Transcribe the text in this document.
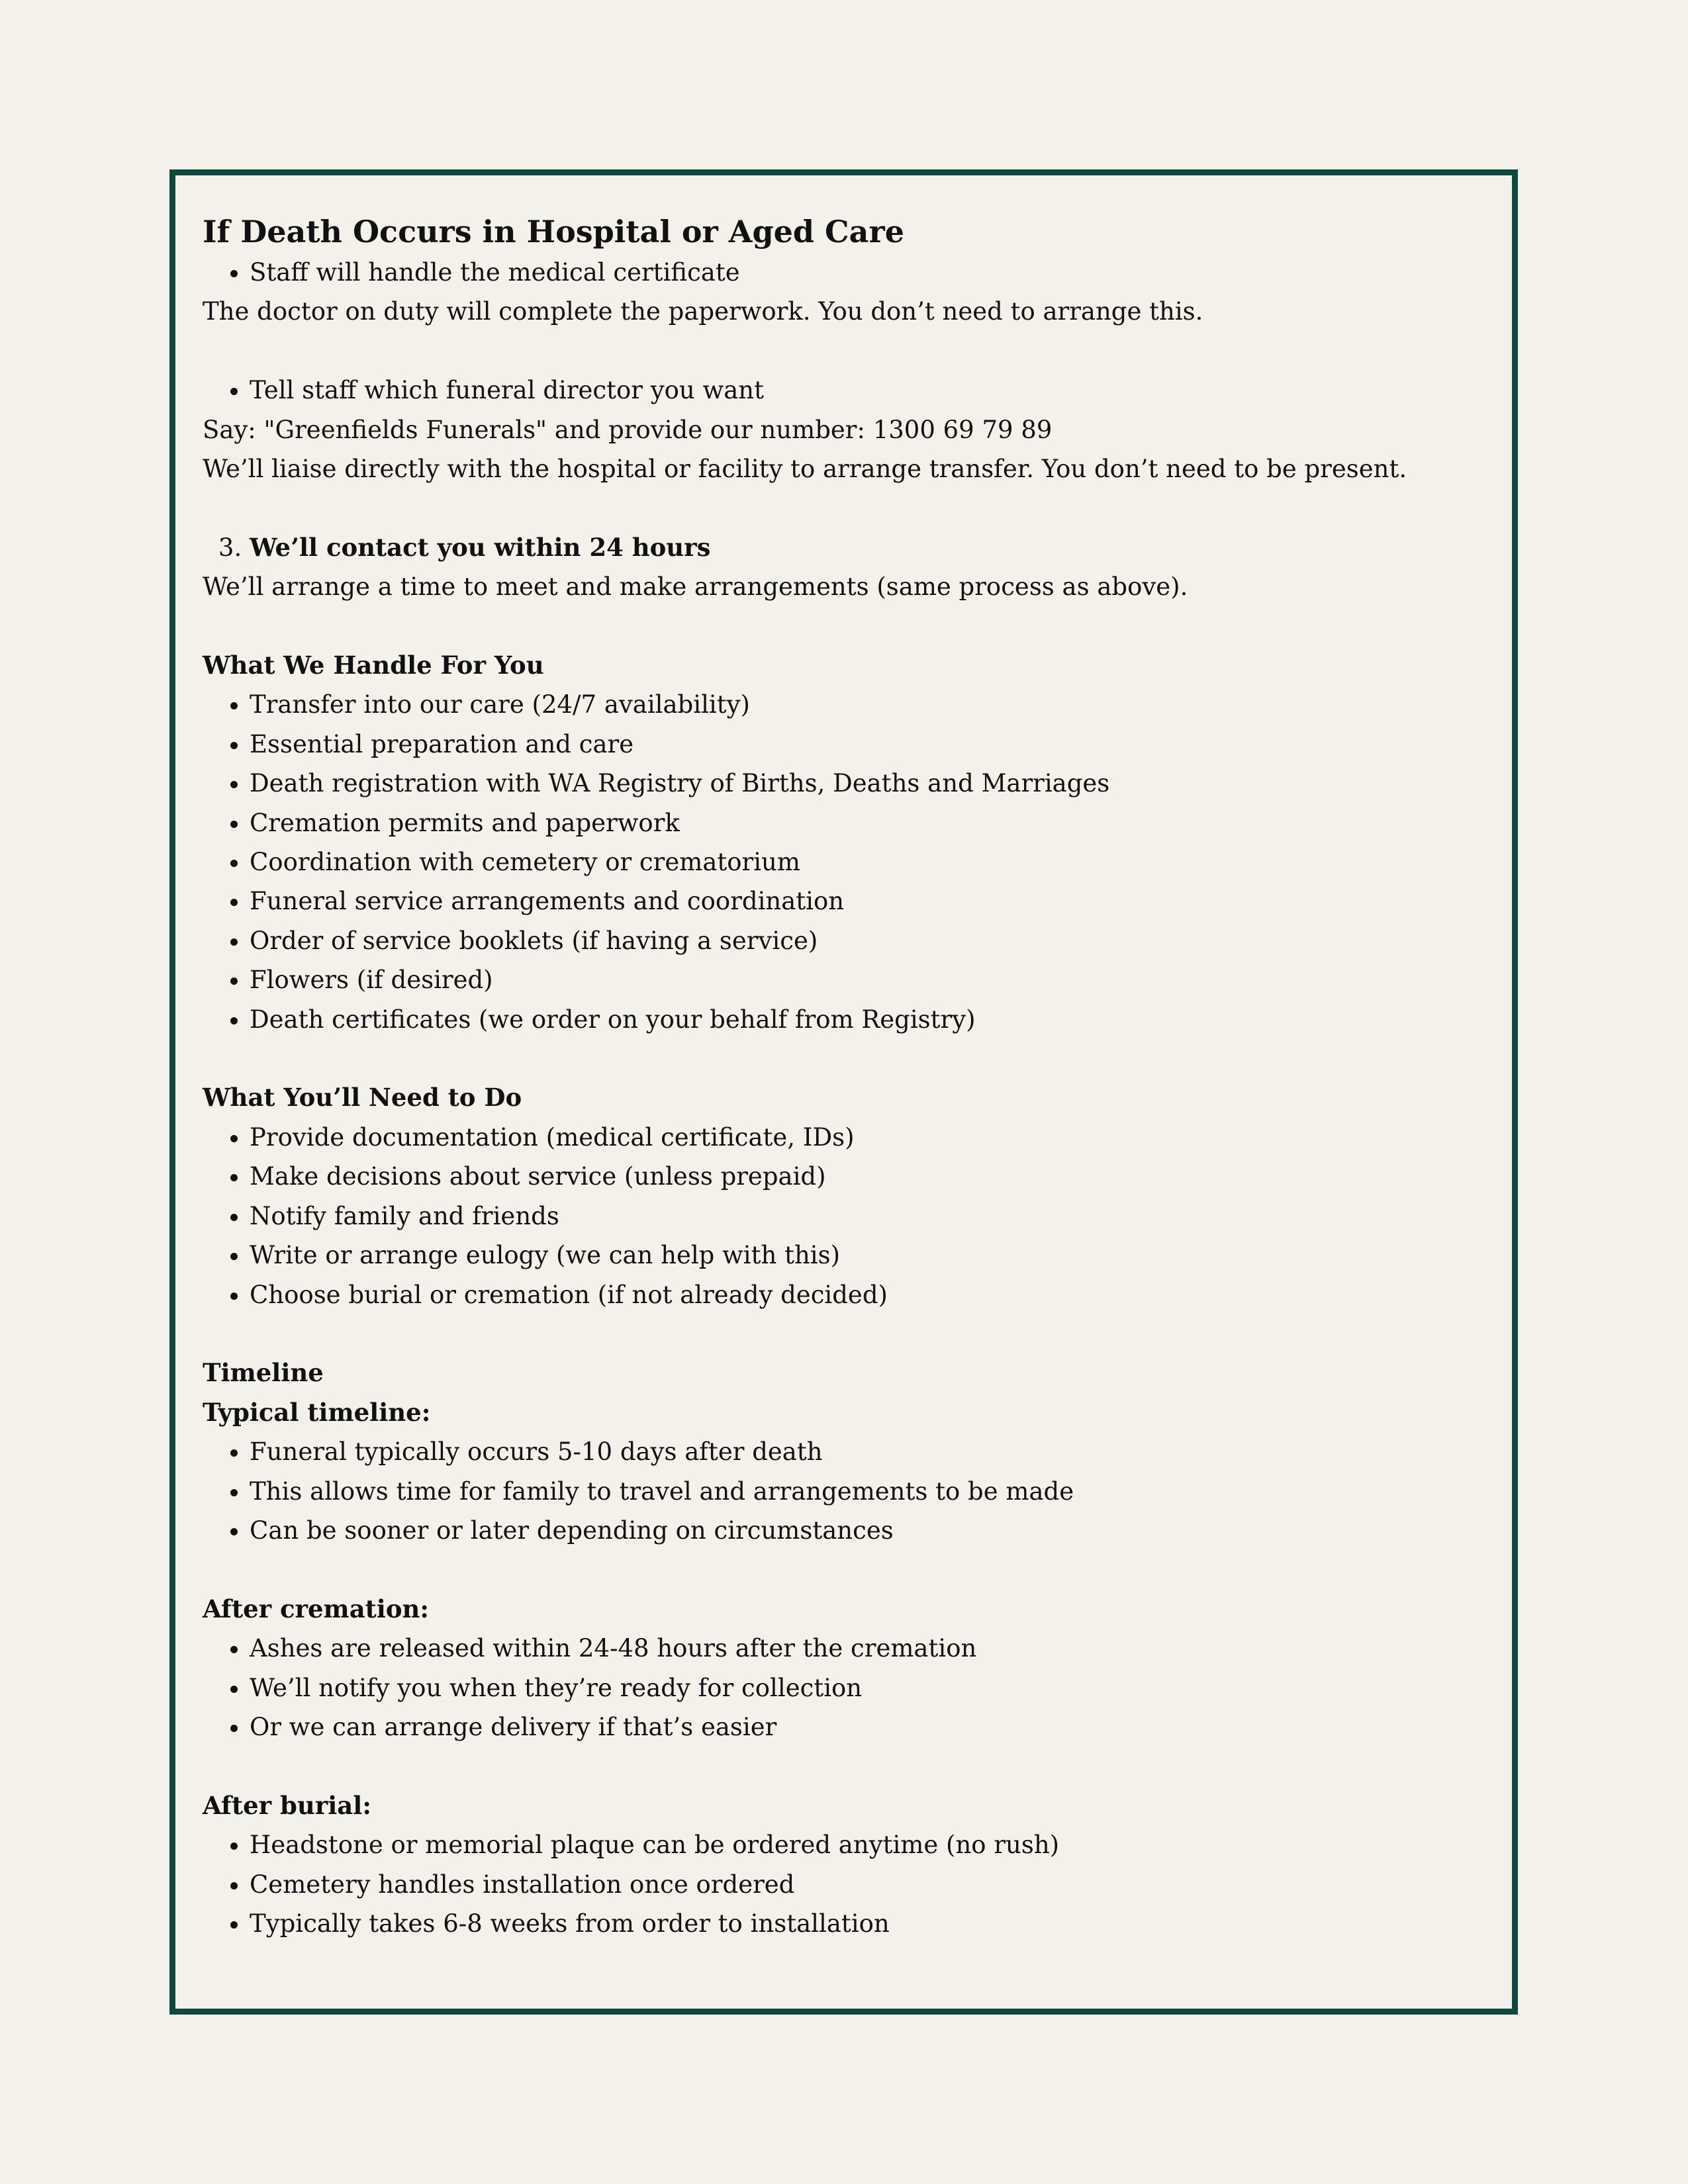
If Death Occurs in Hospital or Aged Care
• Staff will handle the medical certificate

The doctor on duty will complete the paperwork. You don’t need to arrange this.

• Tell staff which funeral director you want

Say: "Greenfields Funerals" and provide our number: 1300 69 79 89

We’ll liaise directly with the hospital or facility to arrange transfer. You don’t need to be present.

3. We’ll contact you within 24 hours

We’ll arrange a time to meet and make arrangements (same process as above).

What We Handle For You

• Transfer into our care (24/7 availability)
• Essential preparation and care
• Death registration with WA Registry of Births, Deaths and Marriages
• Cremation permits and paperwork
• Coordination with cemetery or crematorium
• Funeral service arrangements and coordination
• Order of service booklets (if having a service)
• Flowers (if desired)
• Death certificates (we order on your behalf from Registry)

What You’ll Need to Do

• Provide documentation (medical certificate, IDs)
• Make decisions about service (unless prepaid)
• Notify family and friends
• Write or arrange eulogy (we can help with this)
• Choose burial or cremation (if not already decided)

Timeline

Typical timeline:

• Funeral typically occurs 5-10 days after death
• This allows time for family to travel and arrangements to be made
• Can be sooner or later depending on circumstances

After cremation:

• Ashes are released within 24-48 hours after the cremation
• We’ll notify you when they’re ready for collection
• Or we can arrange delivery if that’s easier

After burial:

• Headstone or memorial plaque can be ordered anytime (no rush)
• Cemetery handles installation once ordered
• Typically takes 6-8 weeks from order to installation
